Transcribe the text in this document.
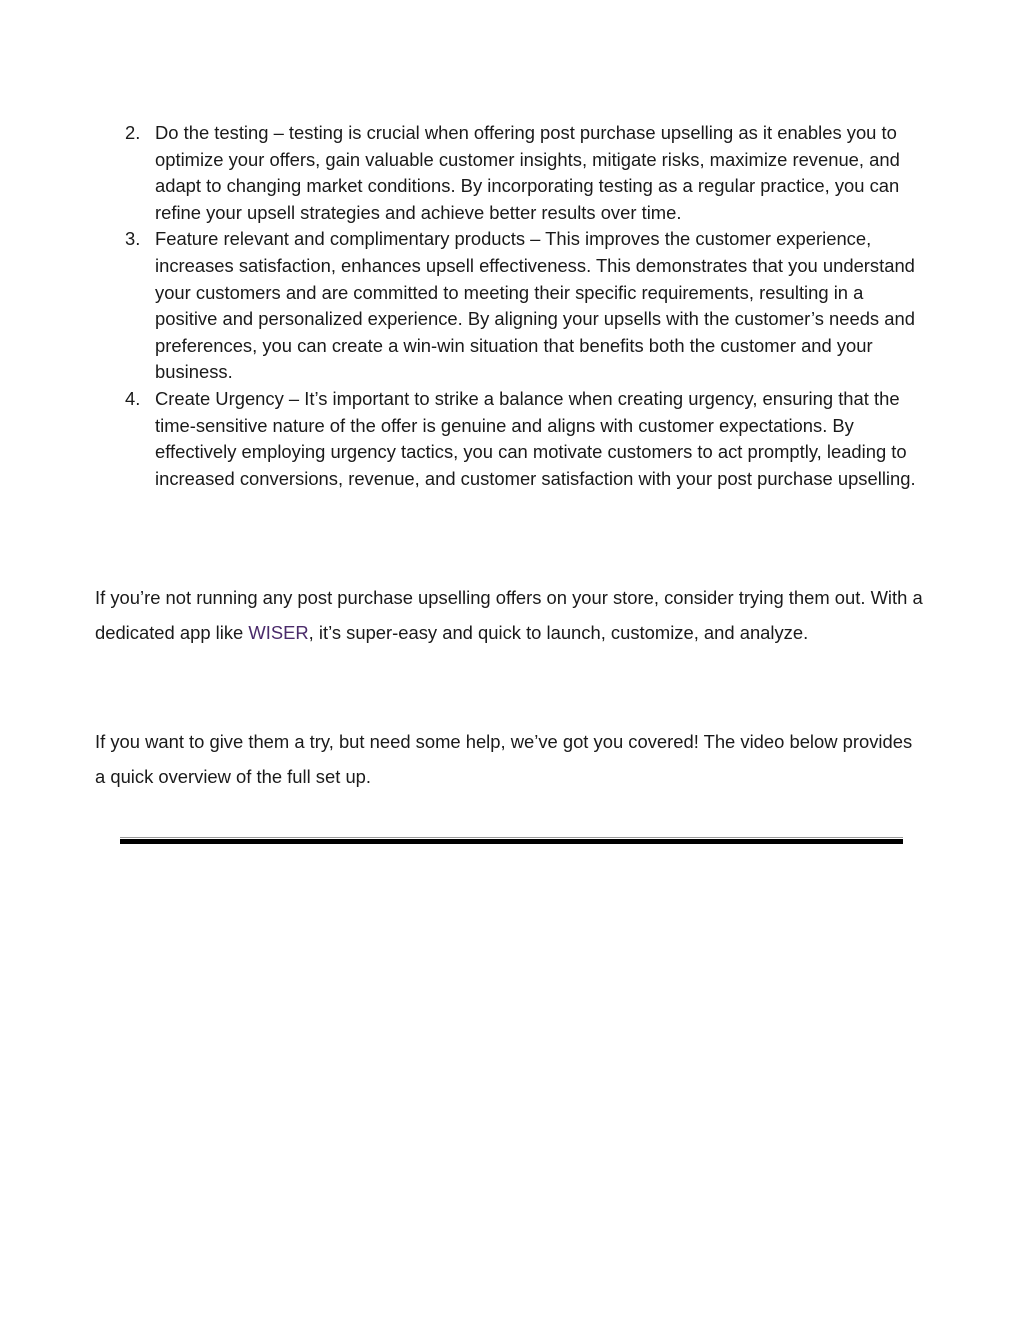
2. Do the testing – testing is crucial when offering post purchase upselling as it enables you to optimize your offers, gain valuable customer insights, mitigate risks, maximize revenue, and adapt to changing market conditions. By incorporating testing as a regular practice, you can refine your upsell strategies and achieve better results over time.
3. Feature relevant and complimentary products – This improves the customer experience, increases satisfaction, enhances upsell effectiveness. This demonstrates that you understand your customers and are committed to meeting their specific requirements, resulting in a positive and personalized experience. By aligning your upsells with the customer’s needs and preferences, you can create a win-win situation that benefits both the customer and your business.
4. Create Urgency – It’s important to strike a balance when creating urgency, ensuring that the time-sensitive nature of the offer is genuine and aligns with customer expectations. By effectively employing urgency tactics, you can motivate customers to act promptly, leading to increased conversions, revenue, and customer satisfaction with your post purchase upselling.

If you’re not running any post purchase upselling offers on your store, consider trying them out. With a dedicated app like WISER, it’s super-easy and quick to launch, customize, and analyze.

If you want to give them a try, but need some help, we’ve got you covered! The video below provides a quick overview of the full set up.
